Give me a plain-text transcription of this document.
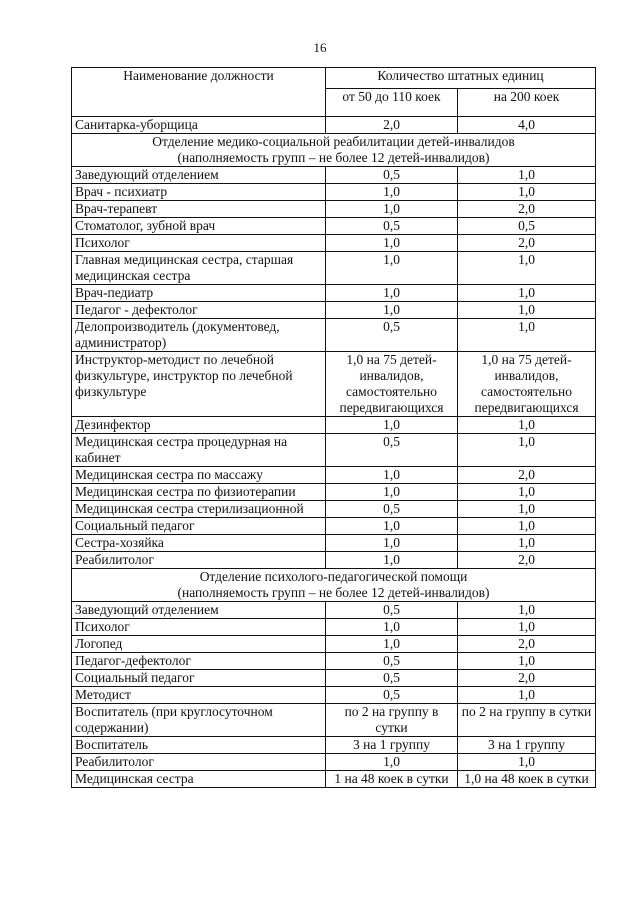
16
Наименование должности	Количество штатных единиц	
	от 50 до 110 коек	на 200 коек
Санитарка-уборщица	2,0	4,0

Отделение медико-социальной реабилитации детей-инвалидов
(наполняемость групп – не более 12 детей-инвалидов)		

Заведующий отделением	0,5	1,0
Врач - психиатр	1,0	1,0
Врач-терапевт	1,0	2,0
Стоматолог, зубной врач	0,5	0,5
Психолог	1,0	2,0
Главная медицинская сестра, старшая медицинская сестра	1,0	1,0
Врач-педиатр	1,0	1,0
Педагог - дефектолог	1,0	1,0
Делопроизводитель (документовед, администратор)	0,5	1,0
Инструктор-методист по лечебной физкультуре, инструктор по лечебной физкультуре	1,0 на 75 детей-инвалидов, самостоятельно передвигающихся	1,0 на 75 детей-инвалидов, самостоятельно передвигающихся
Дезинфектор	1,0	1,0
Медицинская сестра процедурная на кабинет	0,5	1,0
Медицинская сестра по массажу	1,0	2,0
Медицинская сестра по физиотерапии	1,0	1,0
Медицинская сестра стерилизационной	0,5	1,0
Социальный педагог	1,0	1,0
Сестра-хозяйка	1,0	1,0
Реабилитолог	1,0	2,0

Отделение психолого-педагогической помощи
(наполняемость групп – не более 12 детей-инвалидов)		

Заведующий отделением	0,5	1,0
Психолог	1,0	1,0
Логопед	1,0	2,0
Педагог-дефектолог	0,5	1,0
Социальный педагог	0,5	2,0
Методист	0,5	1,0
Воспитатель (при круглосуточном содержании)	по 2 на группу в сутки	по 2 на группу в сутки
Воспитатель	3 на 1 группу	3 на 1 группу
Реабилитолог	1,0	1,0
Медицинская сестра	1 на 48 коек в сутки	1,0 на 48 коек в сутки
